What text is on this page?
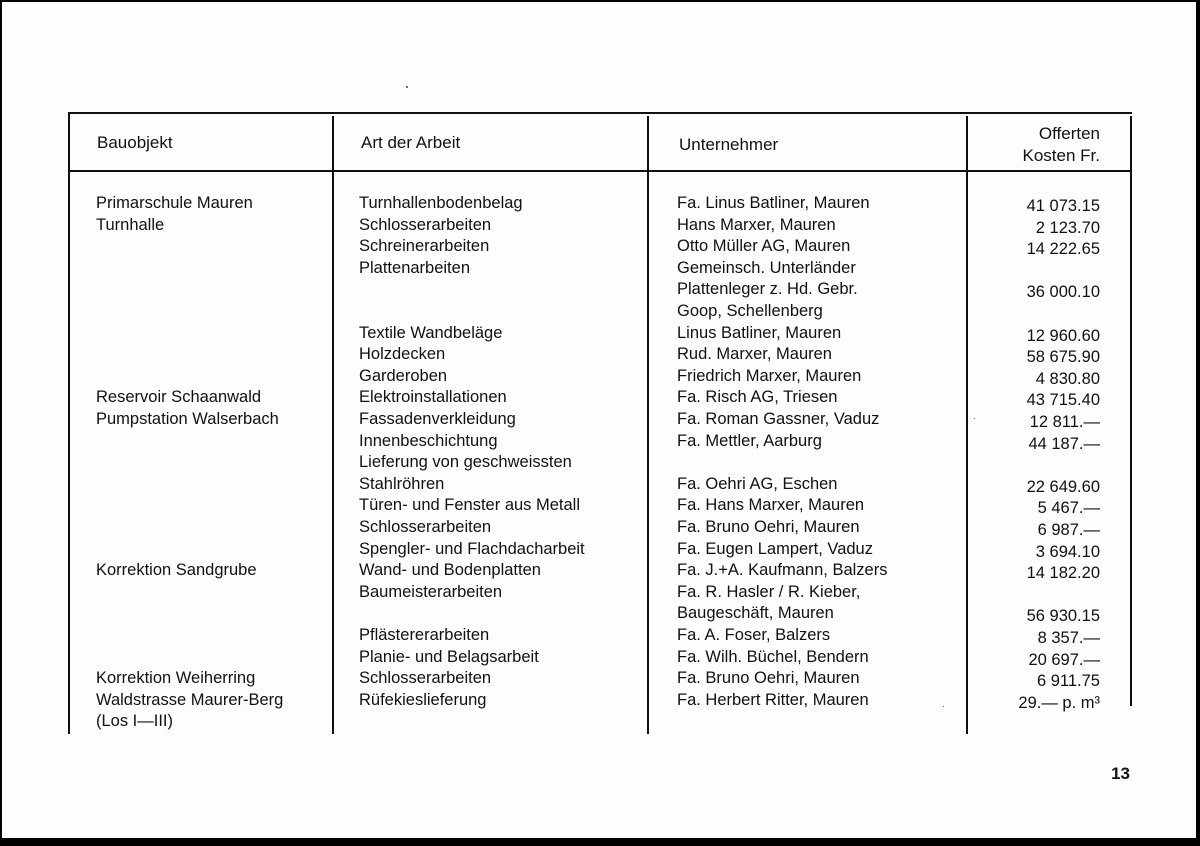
Bauobjekt	Art der Arbeit	Unternehmer
Offerten
Kosten Fr.
Primarschule Mauren
Turnhalle
Reservoir Schaanwald
Pumpstation Walserbach
Korrektion Sandgrube
Korrektion Weiherring
Waldstrasse Maurer-Berg
(Los I—III)
Turnhallenbodenbelag
Schlosserarbeiten
Schreinerarbeiten
Plattenarbeiten
Textile Wandbeläge
Holzdecken
Garderoben
Elektroinstallationen
Fassadenverkleidung
Innenbeschichtung
Lieferung von geschweissten
Stahlröhren
Türen- und Fenster aus Metall
Schlosserarbeiten
Spengler- und Flachdacharbeit
Wand- und Bodenplatten
Baumeisterarbeiten
Pflästererarbeiten
Planie- und Belagsarbeit
Schlosserarbeiten
Rüfekieslieferung
Fa. Linus Batliner, Mauren
Hans Marxer, Mauren
Otto Müller AG, Mauren
Gemeinsch. Unterländer
Plattenleger z. Hd. Gebr.
Goop, Schellenberg
Linus Batliner, Mauren
Rud. Marxer, Mauren
Friedrich Marxer, Mauren
Fa. Risch AG, Triesen
Fa. Roman Gassner, Vaduz
Fa. Mettler, Aarburg
Fa. Oehri AG, Eschen
Fa. Hans Marxer, Mauren
Fa. Bruno Oehri, Mauren
Fa. Eugen Lampert, Vaduz
Fa. J.+A. Kaufmann, Balzers
Fa. R. Hasler / R. Kieber,
Baugeschäft, Mauren
Fa. A. Foser, Balzers
Fa. Wilh. Büchel, Bendern
Fa. Bruno Oehri, Mauren
Fa. Herbert Ritter, Mauren
41 073.15
2 123.70
14 222.65
36 000.10
12 960.60
58 675.90
4 830.80
43 715.40
12 811.—
44 187.—
22 649.60
5 467.—
6 987.—
3 694.10
14 182.20
56 930.15
8 357.—
20 697.—
6 911.75
29.— p. m³
13
